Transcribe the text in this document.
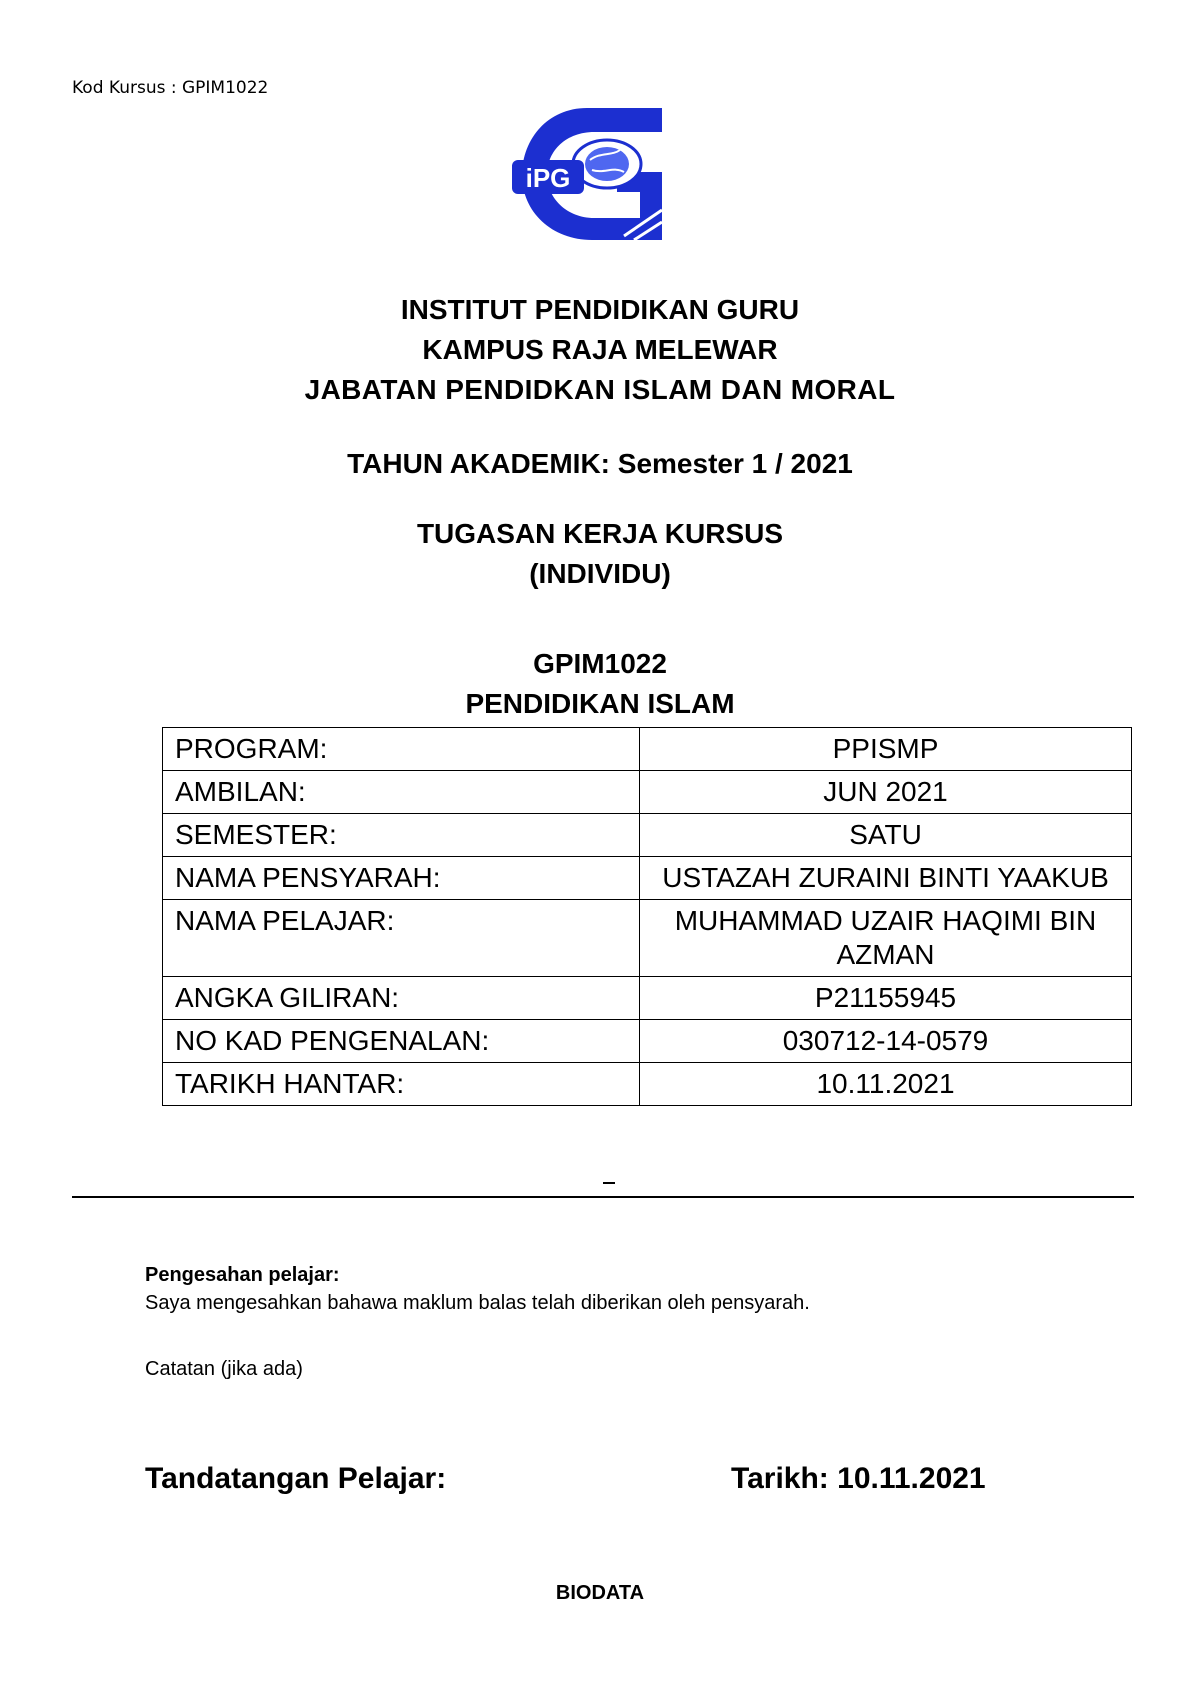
Kod Kursus : GPIM1022
iPG
INSTITUT PENDIDIKAN GURU
KAMPUS RAJA MELEWAR
JABATAN PENDIDKAN ISLAM DAN MORAL
TAHUN AKADEMIK: Semester 1 / 2021
TUGASAN KERJA KURSUS
(INDIVIDU)
GPIM1022
PENDIDIKAN ISLAM
PROGRAM:	PPISMP
AMBILAN:	JUN 2021
SEMESTER:	SATU
NAMA PENSYARAH:	USTAZAH ZURAINI BINTI YAAKUB
NAMA PELAJAR:	MUHAMMAD UZAIR HAQIMI BIN AZMAN
ANGKA GILIRAN:	P21155945
NO KAD PENGENALAN:	030712-14-0579
TARIKH HANTAR:	10.11.2021
Pengesahan pelajar:
Saya mengesahkan bahawa maklum balas telah diberikan oleh pensyarah.
Catatan (jika ada)
Tandatangan Pelajar:	Tarikh: 10.11.2021
BIODATA
